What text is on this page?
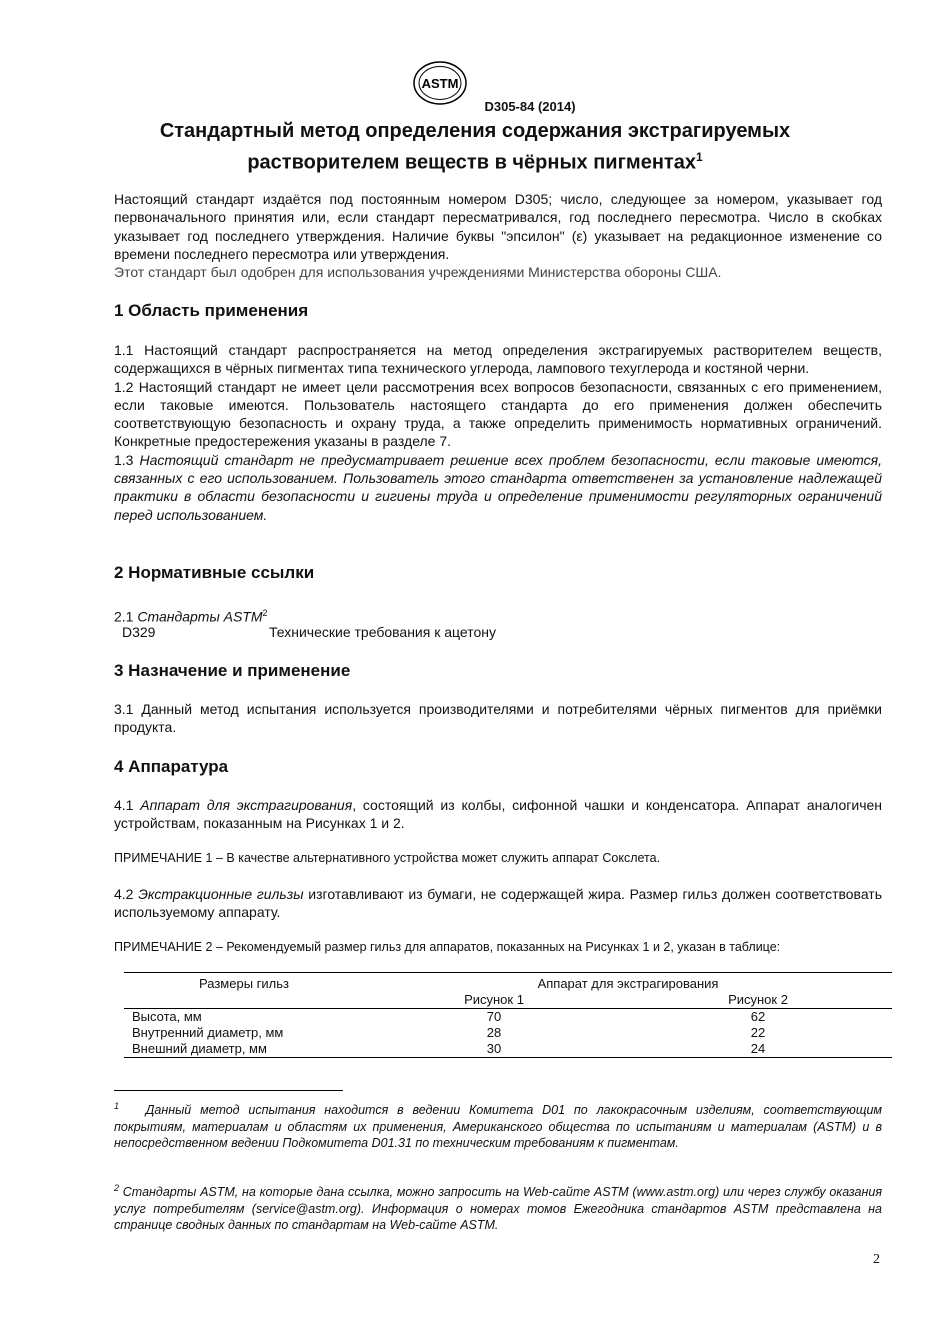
ASTM
D305-84 (2014)
Стандартный метод определения содержания экстрагируемых растворителем веществ в чёрных пигментах$^1$

Настоящий стандарт издаётся под постоянным номером D305; число, следующее за номером, указывает год первоначального принятия или, если стандарт пересматривался, год последнего пересмотра. Число в скобках указывает год последнего утверждения. Наличие буквы "эпсилон" (ε) указывает на редакционное изменение со времени последнего пересмотра или утверждения.

Этот стандарт был одобрен для использования учреждениями Министерства обороны США.

1 Область применения

1.1 Настоящий стандарт распространяется на метод определения экстрагируемых растворителем веществ, содержащихся в чёрных пигментах типа технического углерода, лампового техуглерода и костяной черни.

1.2 Настоящий стандарт не имеет цели рассмотрения всех вопросов безопасности, связанных с его применением, если таковые имеются. Пользователь настоящего стандарта до его применения должен обеспечить соответствующую безопасность и охрану труда, а также определить применимость нормативных ограничений. Конкретные предостережения указаны в разделе 7.

1.3 Настоящий стандарт не предусматривает решение всех проблем безопасности, если таковые имеются, связанных с его использованием. Пользователь этого стандарта ответственен за установление надлежащей практики в области безопасности и гигиены труда и определение применимости регуляторных ограничений перед использованием.

2 Нормативные ссылки

2.1 Стандарты ASTM$^2$

D329	Технические требования к ацетону
3 Назначение и применение

3.1 Данный метод испытания используется производителями и потребителями чёрных пигментов для приёмки продукта.

4 Аппаратура

4.1 Аппарат для экстрагирования, состоящий из колбы, сифонной чашки и конденсатора. Аппарат аналогичен устройствам, показанным на Рисунках 1 и 2.

ПРИМЕЧАНИЕ 1 – В качестве альтернативного устройства может служить аппарат Сокслета.

4.2 Экстракционные гильзы изготавливают из бумаги, не содержащей жира. Размер гильз должен соответствовать используемому аппарату.

ПРИМЕЧАНИЕ 2 – Рекомендуемый размер гильз для аппаратов, показанных на Рисунках 1 и 2, указан в таблице:
Размеры гильз	Аппарат для экстрагирования	
	Рисунок 1	Рисунок 2
Высота, мм	70	62
Внутренний диаметр, мм	28	22
Внешний диаметр, мм	30	24
$^1$ Данный метод испытания находится в ведении Комитета D01 по лакокрасочным изделиям, соответствующим покрытиям, материалам и областям их применения, Американского общества по испытаниям и материалам (ASTM) и в непосредственном ведении Подкомитета D01.31 по техническим требованиям к пигментам.
$^2$ Стандарты ASTM, на которые дана ссылка, можно запросить на Web-сайте ASTM (www.astm.org) или через службу оказания услуг потребителям (service@astm.org). Информация о номерах томов Ежегодника стандартов ASTM представлена на странице сводных данных по стандартам на Web-сайте ASTM.
2
